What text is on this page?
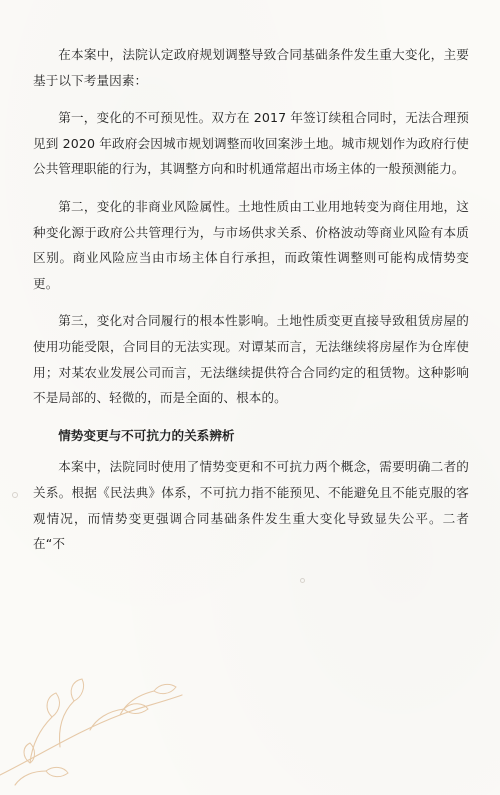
在本案中，法院认定政府规划调整导致合同基础条件发生重大变化，主要基于以下考量因素：

第一，变化的不可预见性。双方在 2017 年签订续租合同时，无法合理预见到 2020 年政府会因城市规划调整而收回案涉土地。城市规划作为政府行使公共管理职能的行为，其调整方向和时机通常超出市场主体的一般预测能力。

第二，变化的非商业风险属性。土地性质由工业用地转变为商住用地，这种变化源于政府公共管理行为，与市场供求关系、价格波动等商业风险有本质区别。商业风险应当由市场主体自行承担，而政策性调整则可能构成情势变更。

第三，变化对合同履行的根本性影响。土地性质变更直接导致租赁房屋的使用功能受限，合同目的无法实现。对谭某而言，无法继续将房屋作为仓库使用；对某农业发展公司而言，无法继续提供符合合同约定的租赁物。这种影响不是局部的、轻微的，而是全面的、根本的。

情势变更与不可抗力的关系辨析

本案中，法院同时使用了情势变更和不可抗力两个概念，需要明确二者的关系。根据《民法典》体系，不可抗力指不能预见、不能避免且不能克服的客观情况，而情势变更强调合同基础条件发生重大变化导致显失公平。二者在“不
